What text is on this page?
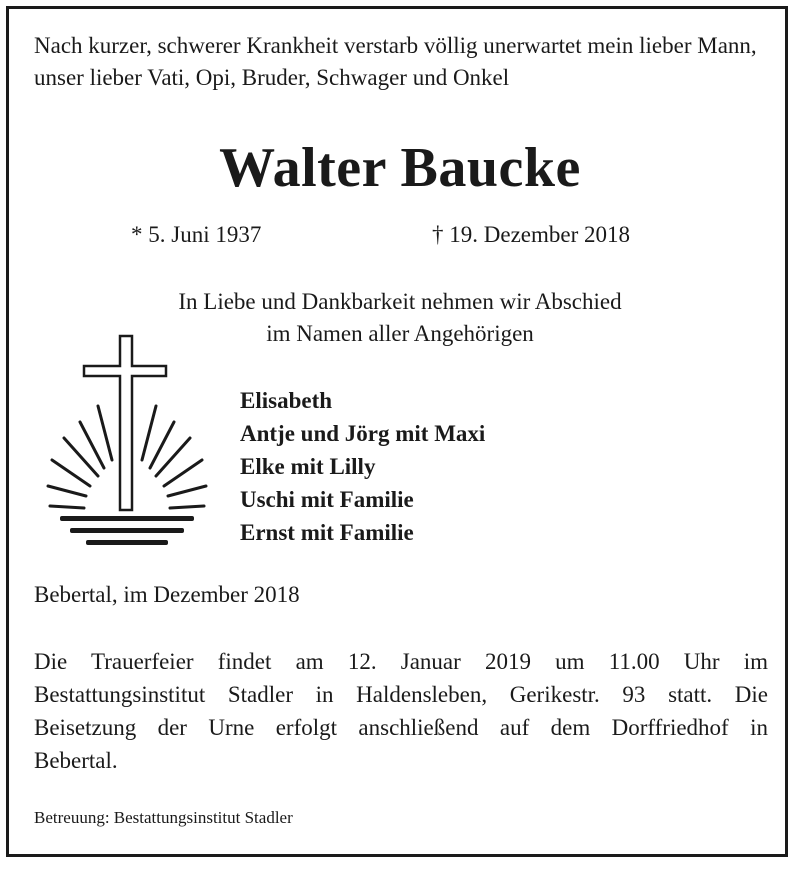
Nach kurzer, schwerer Krankheit verstarb völlig unerwartet mein lieber Mann, unser lieber Vati, Opi, Bruder, Schwager und Onkel
Walter Baucke
* 5. Juni 1937	† 19. Dezember 2018
In Liebe und Dankbarkeit nehmen wir Abschied
im Namen aller Angehörigen
Elisabeth
Antje und Jörg mit Maxi
Elke mit Lilly
Uschi mit Familie
Ernst mit Familie
Bebertal, im Dezember 2018
Die Trauerfeier findet am 12. Januar 2019 um 11.00 Uhr im
Bestattungsinstitut Stadler in Haldensleben, Gerikestr. 93 statt. Die
Beisetzung der Urne erfolgt anschließend auf dem Dorffriedhof in
Bebertal.
Betreuung: Bestattungsinstitut Stadler
